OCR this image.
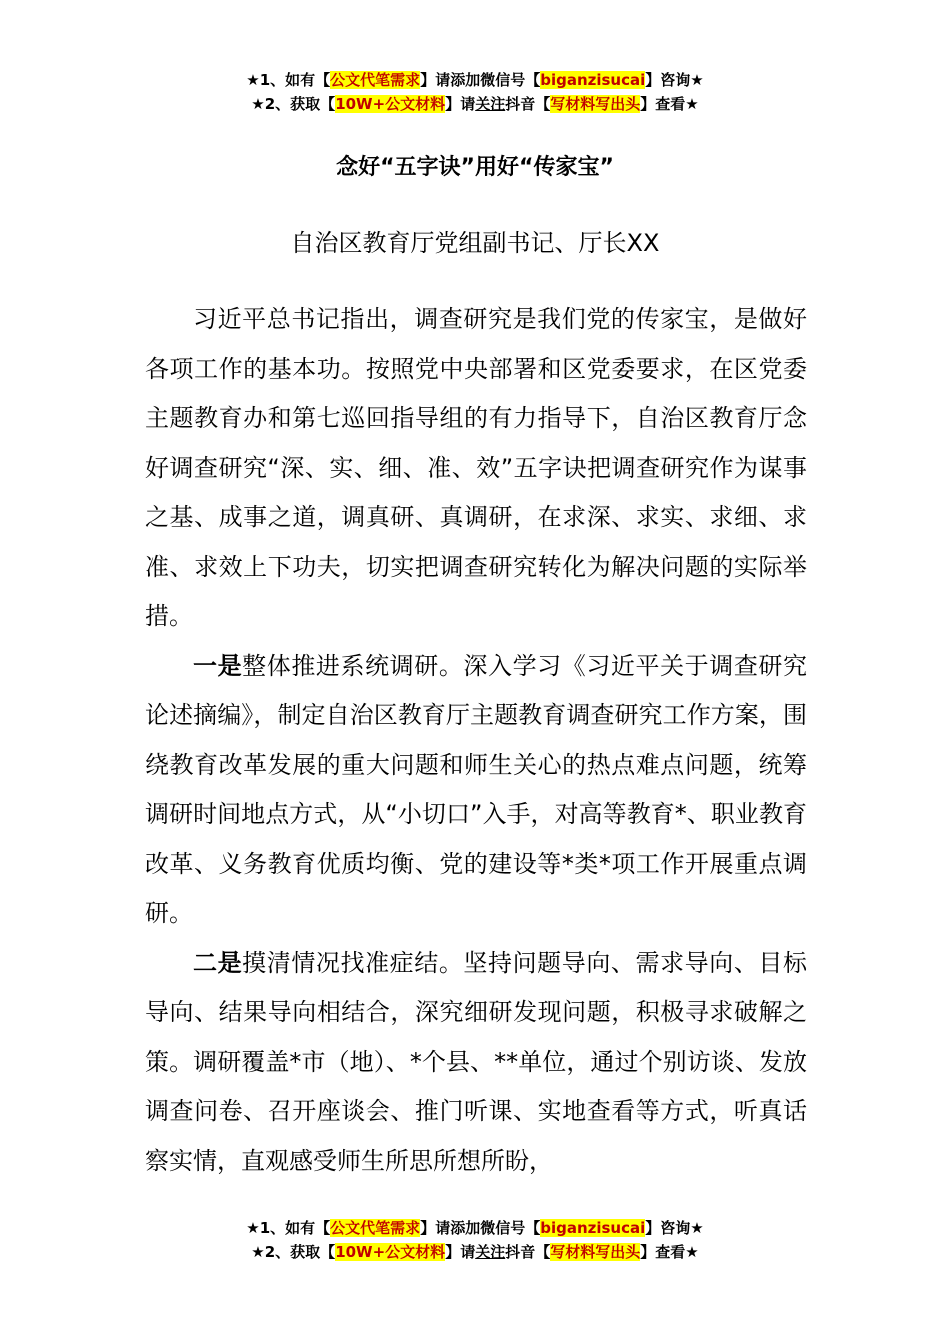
★1、如有【公文代笔需求】请添加微信号【biganzisucai】咨询★
★2、获取【10W+公文材料】请关注抖音【写材料写出头】查看★
念好“五字诀”用好“传家宝”
自治区教育厅党组副书记、厅长XX

习近平总书记指出，调查研究是我们党的传家宝，是做好各项工作的基本功。按照党中央部署和区党委要求，在区党委主题教育办和第七巡回指导组的有力指导下，自治区教育厅念好调查研究“深、实、细、准、效”五字诀把调查研究作为谋事之基、成事之道，调真研、真调研，在求深、求实、求细、求准、求效上下功夫，切实把调查研究转化为解决问题的实际举措。

一是整体推进系统调研。深入学习《习近平关于调查研究论述摘编》，制定自治区教育厅主题教育调查研究工作方案，围绕教育改革发展的重大问题和师生关心的热点难点问题，统筹调研时间地点方式，从“小切口”入手，对高等教育*、职业教育改革、义务教育优质均衡、党的建设等*类*项工作开展重点调研。

二是摸清情况找准症结。坚持问题导向、需求导向、目标导向、结果导向相结合，深究细研发现问题，积极寻求破解之策。调研覆盖*市（地）、*个县、**单位，通过个别访谈、发放调查问卷、召开座谈会、推门听课、实地查看等方式，听真话察实情，直观感受师生所思所想所盼，

★1、如有【公文代笔需求】请添加微信号【biganzisucai】咨询★
★2、获取【10W+公文材料】请关注抖音【写材料写出头】查看★
